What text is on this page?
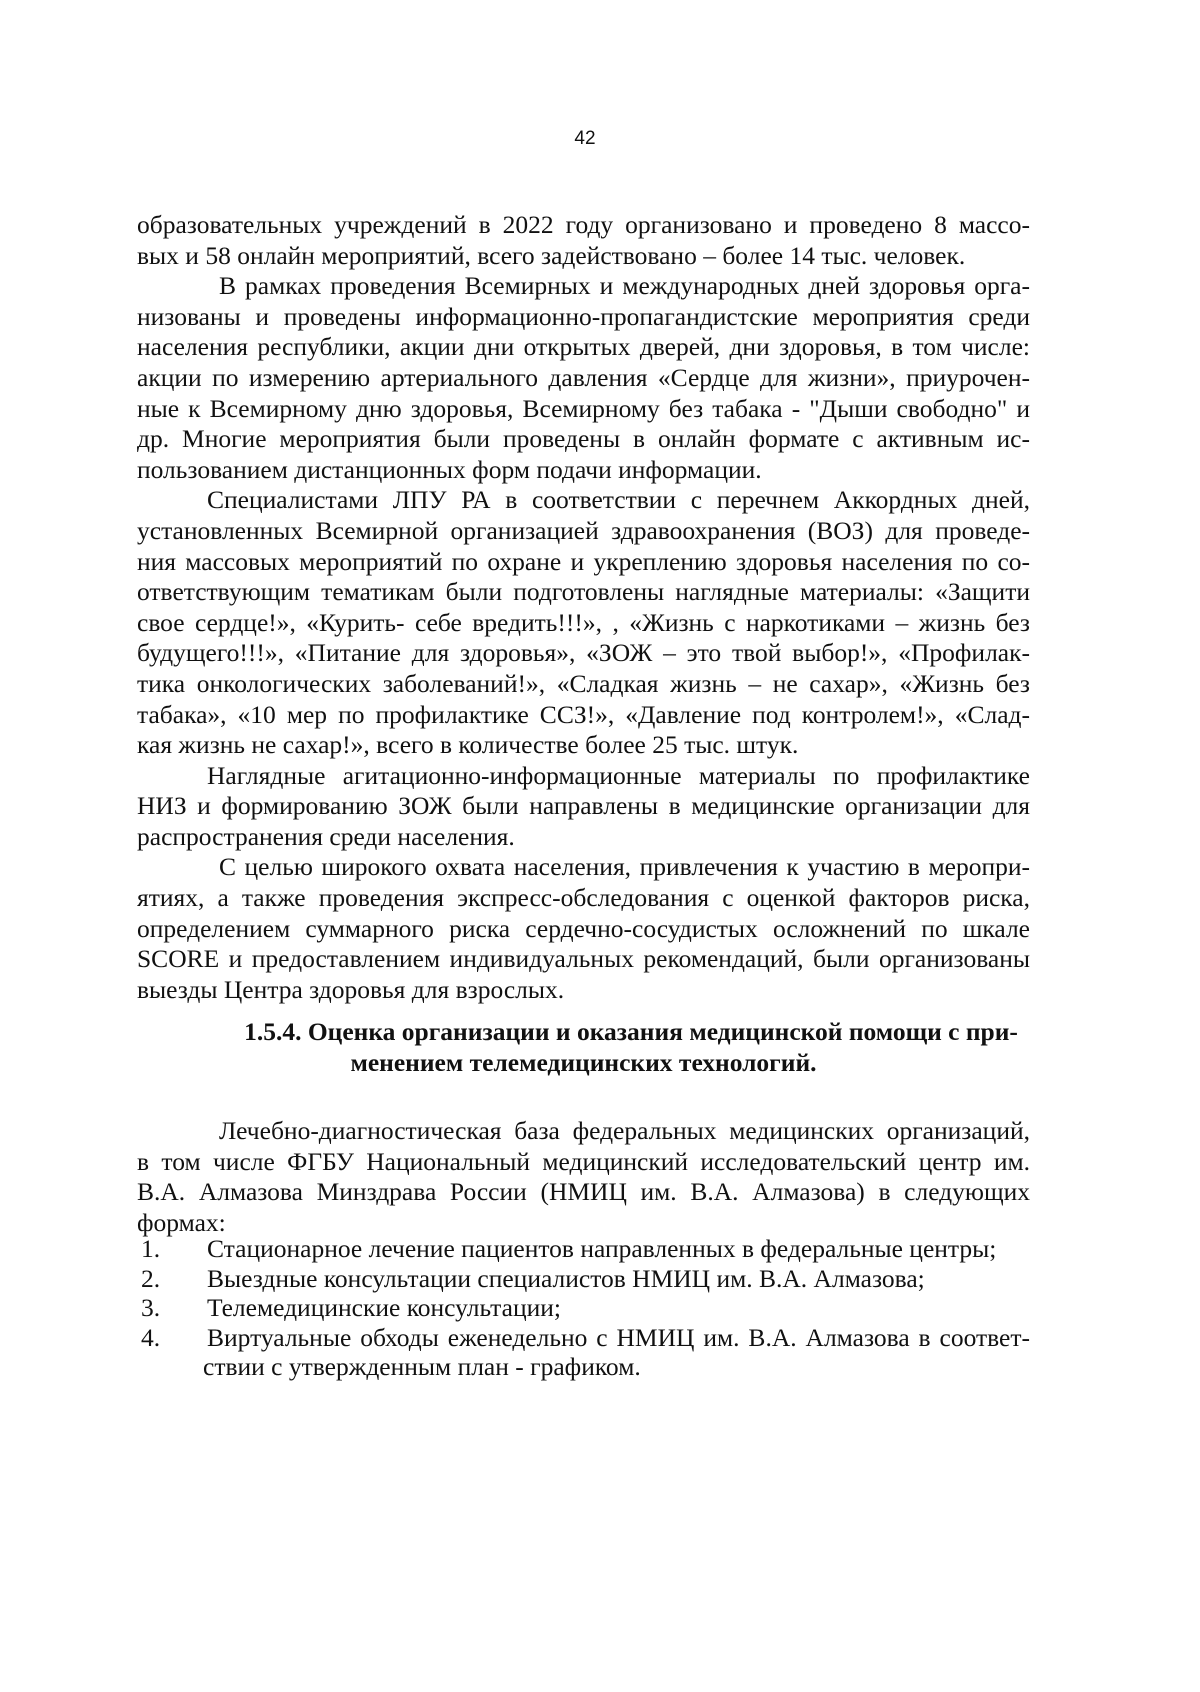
42
образовательных учреждений в 2022 году организовано и проведено 8 массо-
вых и 58 онлайн мероприятий, всего задействовано – более 14 тыс. человек.
В рамках проведения Всемирных и международных дней здоровья орга-
низованы и проведены информационно-пропагандистские мероприятия среди
населения республики, акции дни открытых дверей, дни здоровья, в том числе:
акции по измерению артериального давления «Сердце для жизни», приурочен-
ные к Всемирному дню здоровья, Всемирному без табака - "Дыши свободно" и
др. Многие мероприятия были проведены в онлайн формате с активным ис-
пользованием дистанционных форм подачи информации.
Специалистами ЛПУ РА в соответствии с перечнем Аккордных дней,
установленных Всемирной организацией здравоохранения (ВОЗ) для проведе-
ния массовых мероприятий по охране и укреплению здоровья населения по со-
ответствующим тематикам были подготовлены наглядные материалы: «Защити
свое сердце!», «Курить- себе вредить!!!», , «Жизнь с наркотиками – жизнь без
будущего!!!», «Питание для здоровья», «ЗОЖ – это твой выбор!», «Профилак-
тика онкологических заболеваний!», «Сладкая жизнь – не сахар», «Жизнь без
табака», «10 мер по профилактике ССЗ!», «Давление под контролем!», «Слад-
кая жизнь не сахар!», всего в количестве более 25 тыс. штук.
Наглядные агитационно-информационные материалы по профилактике
НИЗ и формированию ЗОЖ были направлены в медицинские организации для
распространения среди населения.
С целью широкого охвата населения, привлечения к участию в меропри-
ятиях, а также проведения экспресс-обследования с оценкой факторов риска,
определением суммарного риска сердечно-сосудистых осложнений по шкале
SCORE и предоставлением индивидуальных рекомендаций, были организованы
выезды Центра здоровья для взрослых.
1.5.4. Оценка организации и оказания медицинской помощи с при-
менением телемедицинских технологий.
Лечебно-диагностическая база федеральных медицинских организаций,
в том числе ФГБУ Национальный медицинский исследовательский центр им.
В.А. Алмазова Минздрава России (НМИЦ им. В.А. Алмазова) в следующих
формах:
1.	Стационарное лечение пациентов направленных в федеральные центры;
2.	Выездные консультации специалистов НМИЦ им. В.А. Алмазова;
3.	Телемедицинские консультации;
4.	Виртуальные обходы еженедельно с НМИЦ им. В.А. Алмазова в соответ-
ствии с утвержденным план - графиком.
